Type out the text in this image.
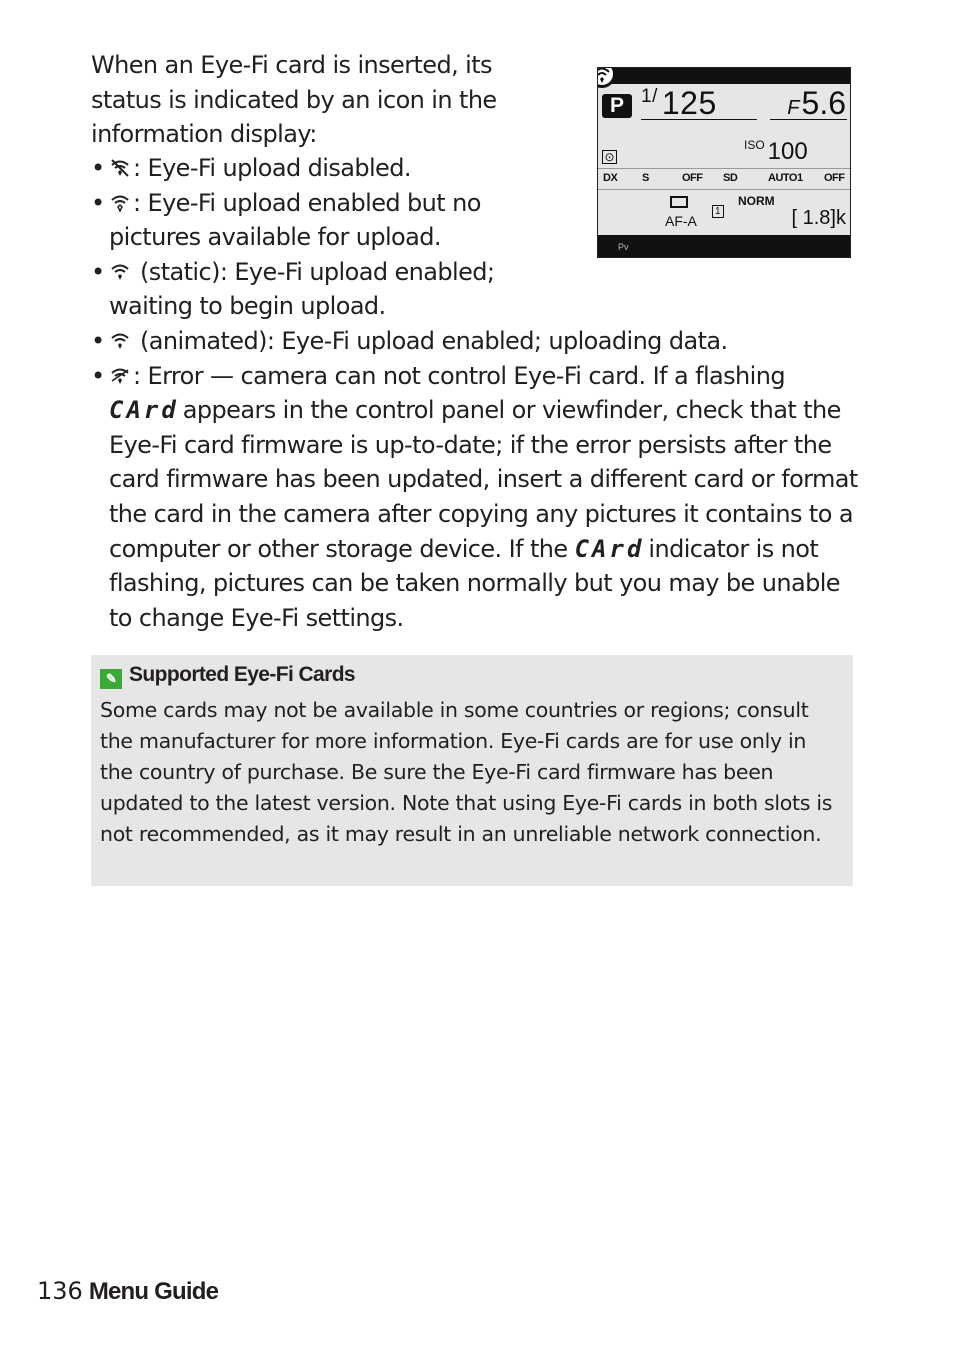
When an Eye-Fi card is inserted, its status is indicated by an icon in the information display:
P $^{1/}$ 125	F5.6
⊙
$^{ISO}$ 100
DX S	OFF SD	AUTO1 OFF
AF-A
1
NORM
[ 1.8]k
Pv
• : Eye-Fi upload disabled.
• : Eye-Fi upload enabled but no pictures available for upload.
• (static): Eye-Fi upload enabled; waiting to begin upload.
• (animated): Eye-Fi upload enabled; uploading data.
• : Error — camera can not control Eye-Fi card. If a flashing
CArd appears in the control panel or viewfinder, check that the Eye-Fi card firmware is up-to-date; if the error persists after the card firmware has been updated, insert a different card or format the card in the camera after copying any pictures it contains to a computer or other storage device. If the CArd indicator is not flashing, pictures can be taken normally but you may be unable to change Eye-Fi settings.
✎ Supported Eye-Fi Cards
Some cards may not be available in some countries or regions; consult the manufacturer for more information. Eye-Fi cards are for use only in the country of purchase. Be sure the Eye-Fi card firmware has been updated to the latest version. Note that using Eye-Fi cards in both slots is not recommended, as it may result in an unreliable network connection.
136 Menu Guide
